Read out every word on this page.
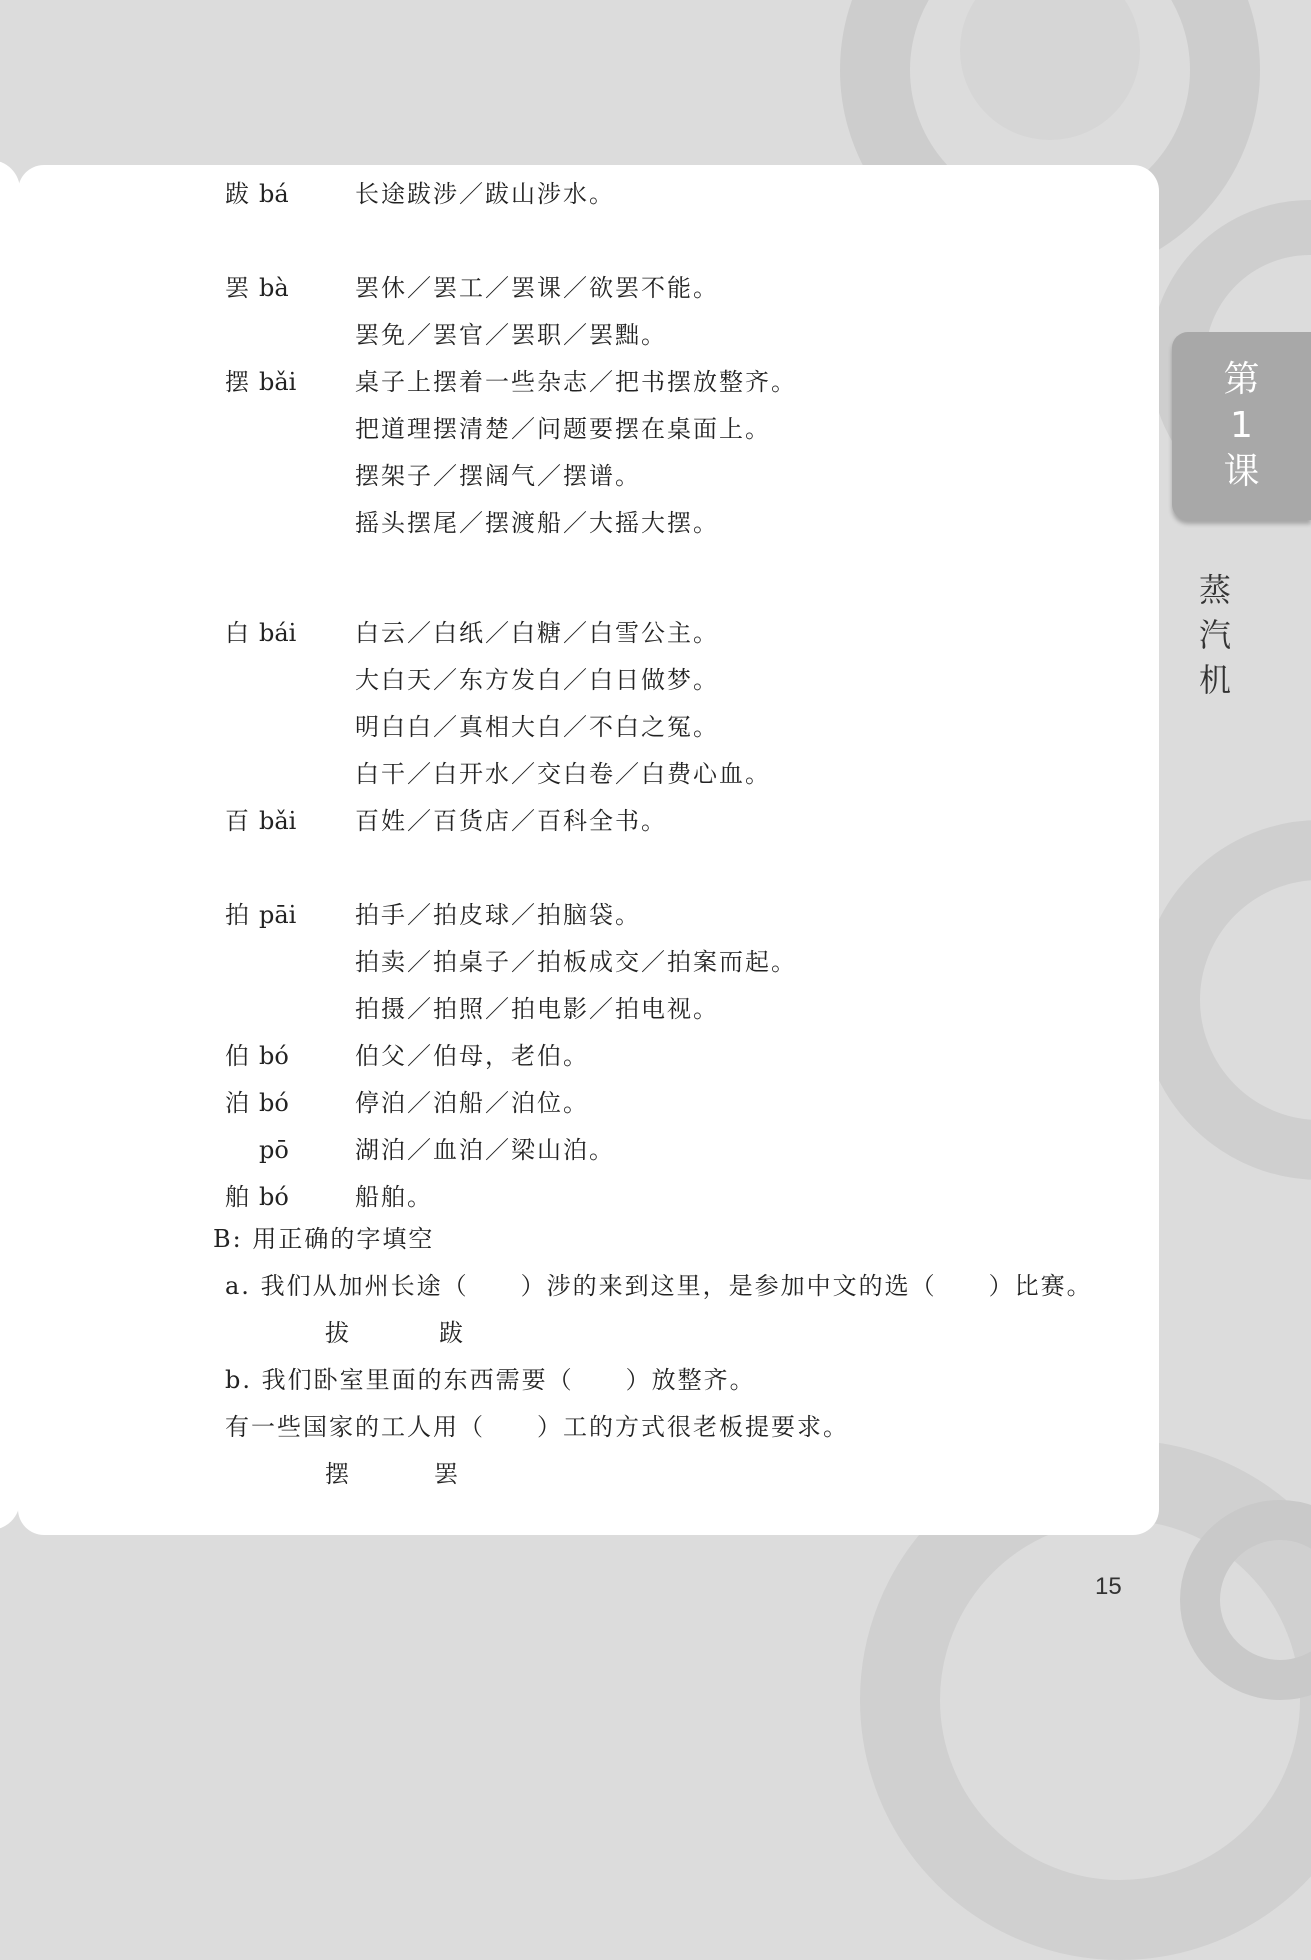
跋 bá	长途跋涉／跋山涉水。
罢 bà	罢休／罢工／罢课／欲罢不能。
罢免／罢官／罢职／罢黜。
摆 bǎi 桌子上摆着一些杂志／把书摆放整齐。
把道理摆清楚／问题要摆在桌面上。
摆架子／摆阔气／摆谱。
摇头摆尾／摆渡船／大摇大摆。
白 bái 白云／白纸／白糖／白雪公主。
大白天／东方发白／白日做梦。
明白白／真相大白／不白之冤。
白干／白开水／交白卷／白费心血。
百 bǎi 百姓／百货店／百科全书。
拍 pāi 拍手／拍皮球／拍脑袋。
拍卖／拍桌子／拍板成交／拍案而起。
拍摄／拍照／拍电影／拍电视。
伯 bó	伯父／伯母，老伯。
泊 bó	停泊／泊船／泊位。
pō	湖泊／血泊／梁山泊。
舶 bó	船舶。
B: 用正确的字填空
a. 我们从加州长途（　　）涉的来到这里，是参加中文的选（　　）比赛。
拔	跋
b. 我们卧室里面的东西需要（　　）放整齐。
有一些国家的工人用（　　）工的方式很老板提要求。
摆	罢
第
1
课
蒸
汽
机
15
